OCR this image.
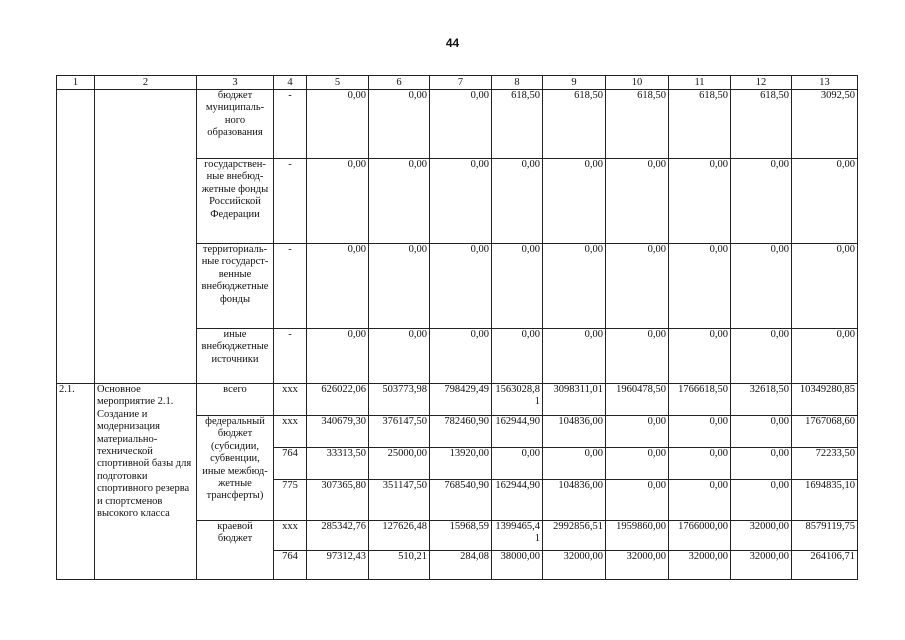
44
1	2	3	4	5	6	7	8	9	10	11	12	13
		бюджет муниципаль-ного образования	-	0,00	0,00	0,00	618,50	618,50	618,50	618,50	618,50	3092,50
		государствен-ные внебюд-жетные фонды Российской Федерации	-	0,00	0,00	0,00	0,00	0,00	0,00	0,00	0,00	0,00
		территориаль-ные государст-венные внебюджетные фонды	-	0,00	0,00	0,00	0,00	0,00	0,00	0,00	0,00	0,00
		иные внебюджетные источники	-	0,00	0,00	0,00	0,00	0,00	0,00	0,00	0,00	0,00
2.1.	Основное мероприятие 2.1. Создание и модернизация материально-технической спортивной базы для подготовки спортивного резерва и спортсменов высокого класса	всего	ххх	626022,06	503773,98	798429,49	1563028,81	3098311,01	1960478,50	1766618,50	32618,50	10349280,85
		федеральный бюджет (субсидии, субвенции, иные межбюд-жетные трансферты)	ххх	340679,30	376147,50	782460,90	162944,90	104836,00	0,00	0,00	0,00	1767068,60
			764	33313,50	25000,00	13920,00	0,00	0,00	0,00	0,00	0,00	72233,50
			775	307365,80	351147,50	768540,90	162944,90	104836,00	0,00	0,00	0,00	1694835,10
		краевой бюджет	ххх	285342,76	127626,48	15968,59	1399465,41	2992856,51	1959860,00	1766000,00	32000,00	8579119,75
			764	97312,43	510,21	284,08	38000,00	32000,00	32000,00	32000,00	32000,00	264106,71
